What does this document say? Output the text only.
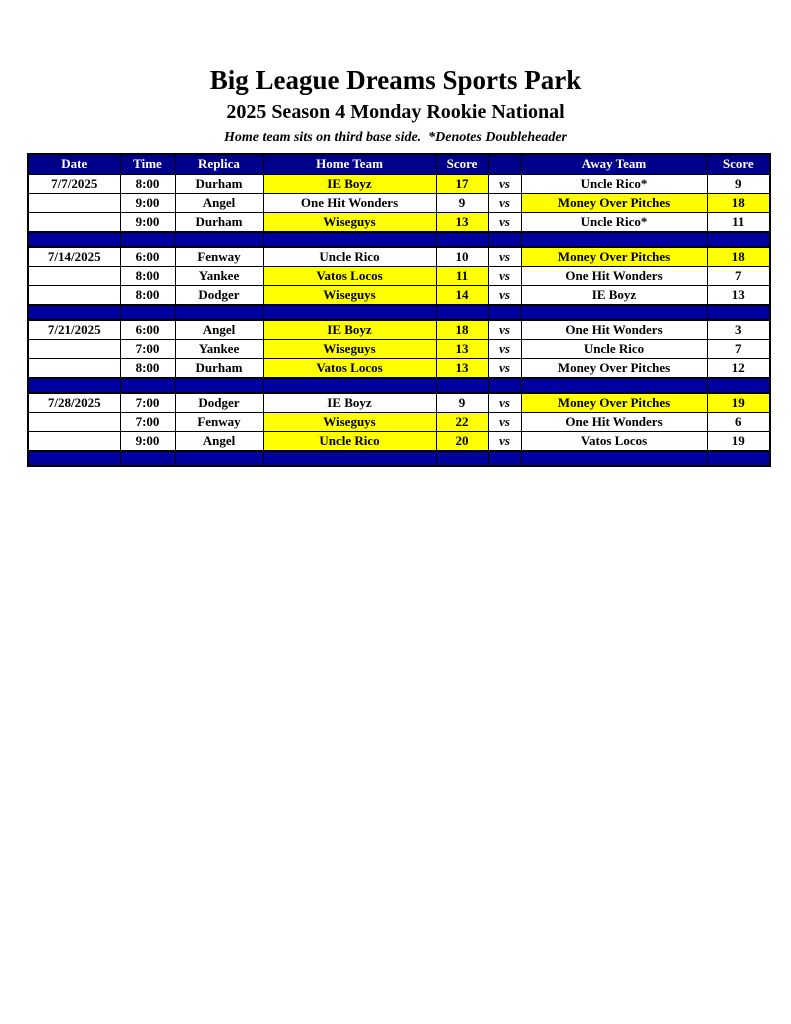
Big League Dreams Sports Park
2025 Season 4 Monday Rookie National
Home team sits on third base side.  *Denotes Doubleheader
Date	Time	Replica	Home Team	Score		Away Team	Score
7/7/2025	8:00	Durham	IE Boyz	17	vs	Uncle Rico*	9
	9:00	Angel	One Hit Wonders	9	vs	Money Over Pitches	18
	9:00	Durham	Wiseguys	13	vs	Uncle Rico*	11

7/14/2025	6:00	Fenway	Uncle Rico	10	vs	Money Over Pitches	18
	8:00	Yankee	Vatos Locos	11	vs	One Hit Wonders	7
	8:00	Dodger	Wiseguys	14	vs	IE Boyz	13

7/21/2025	6:00	Angel	IE Boyz	18	vs	One Hit Wonders	3
	7:00	Yankee	Wiseguys	13	vs	Uncle Rico	7
	8:00	Durham	Vatos Locos	13	vs	Money Over Pitches	12

7/28/2025	7:00	Dodger	IE Boyz	9	vs	Money Over Pitches	19
	7:00	Fenway	Wiseguys	22	vs	One Hit Wonders	6
	9:00	Angel	Uncle Rico	20	vs	Vatos Locos	19
